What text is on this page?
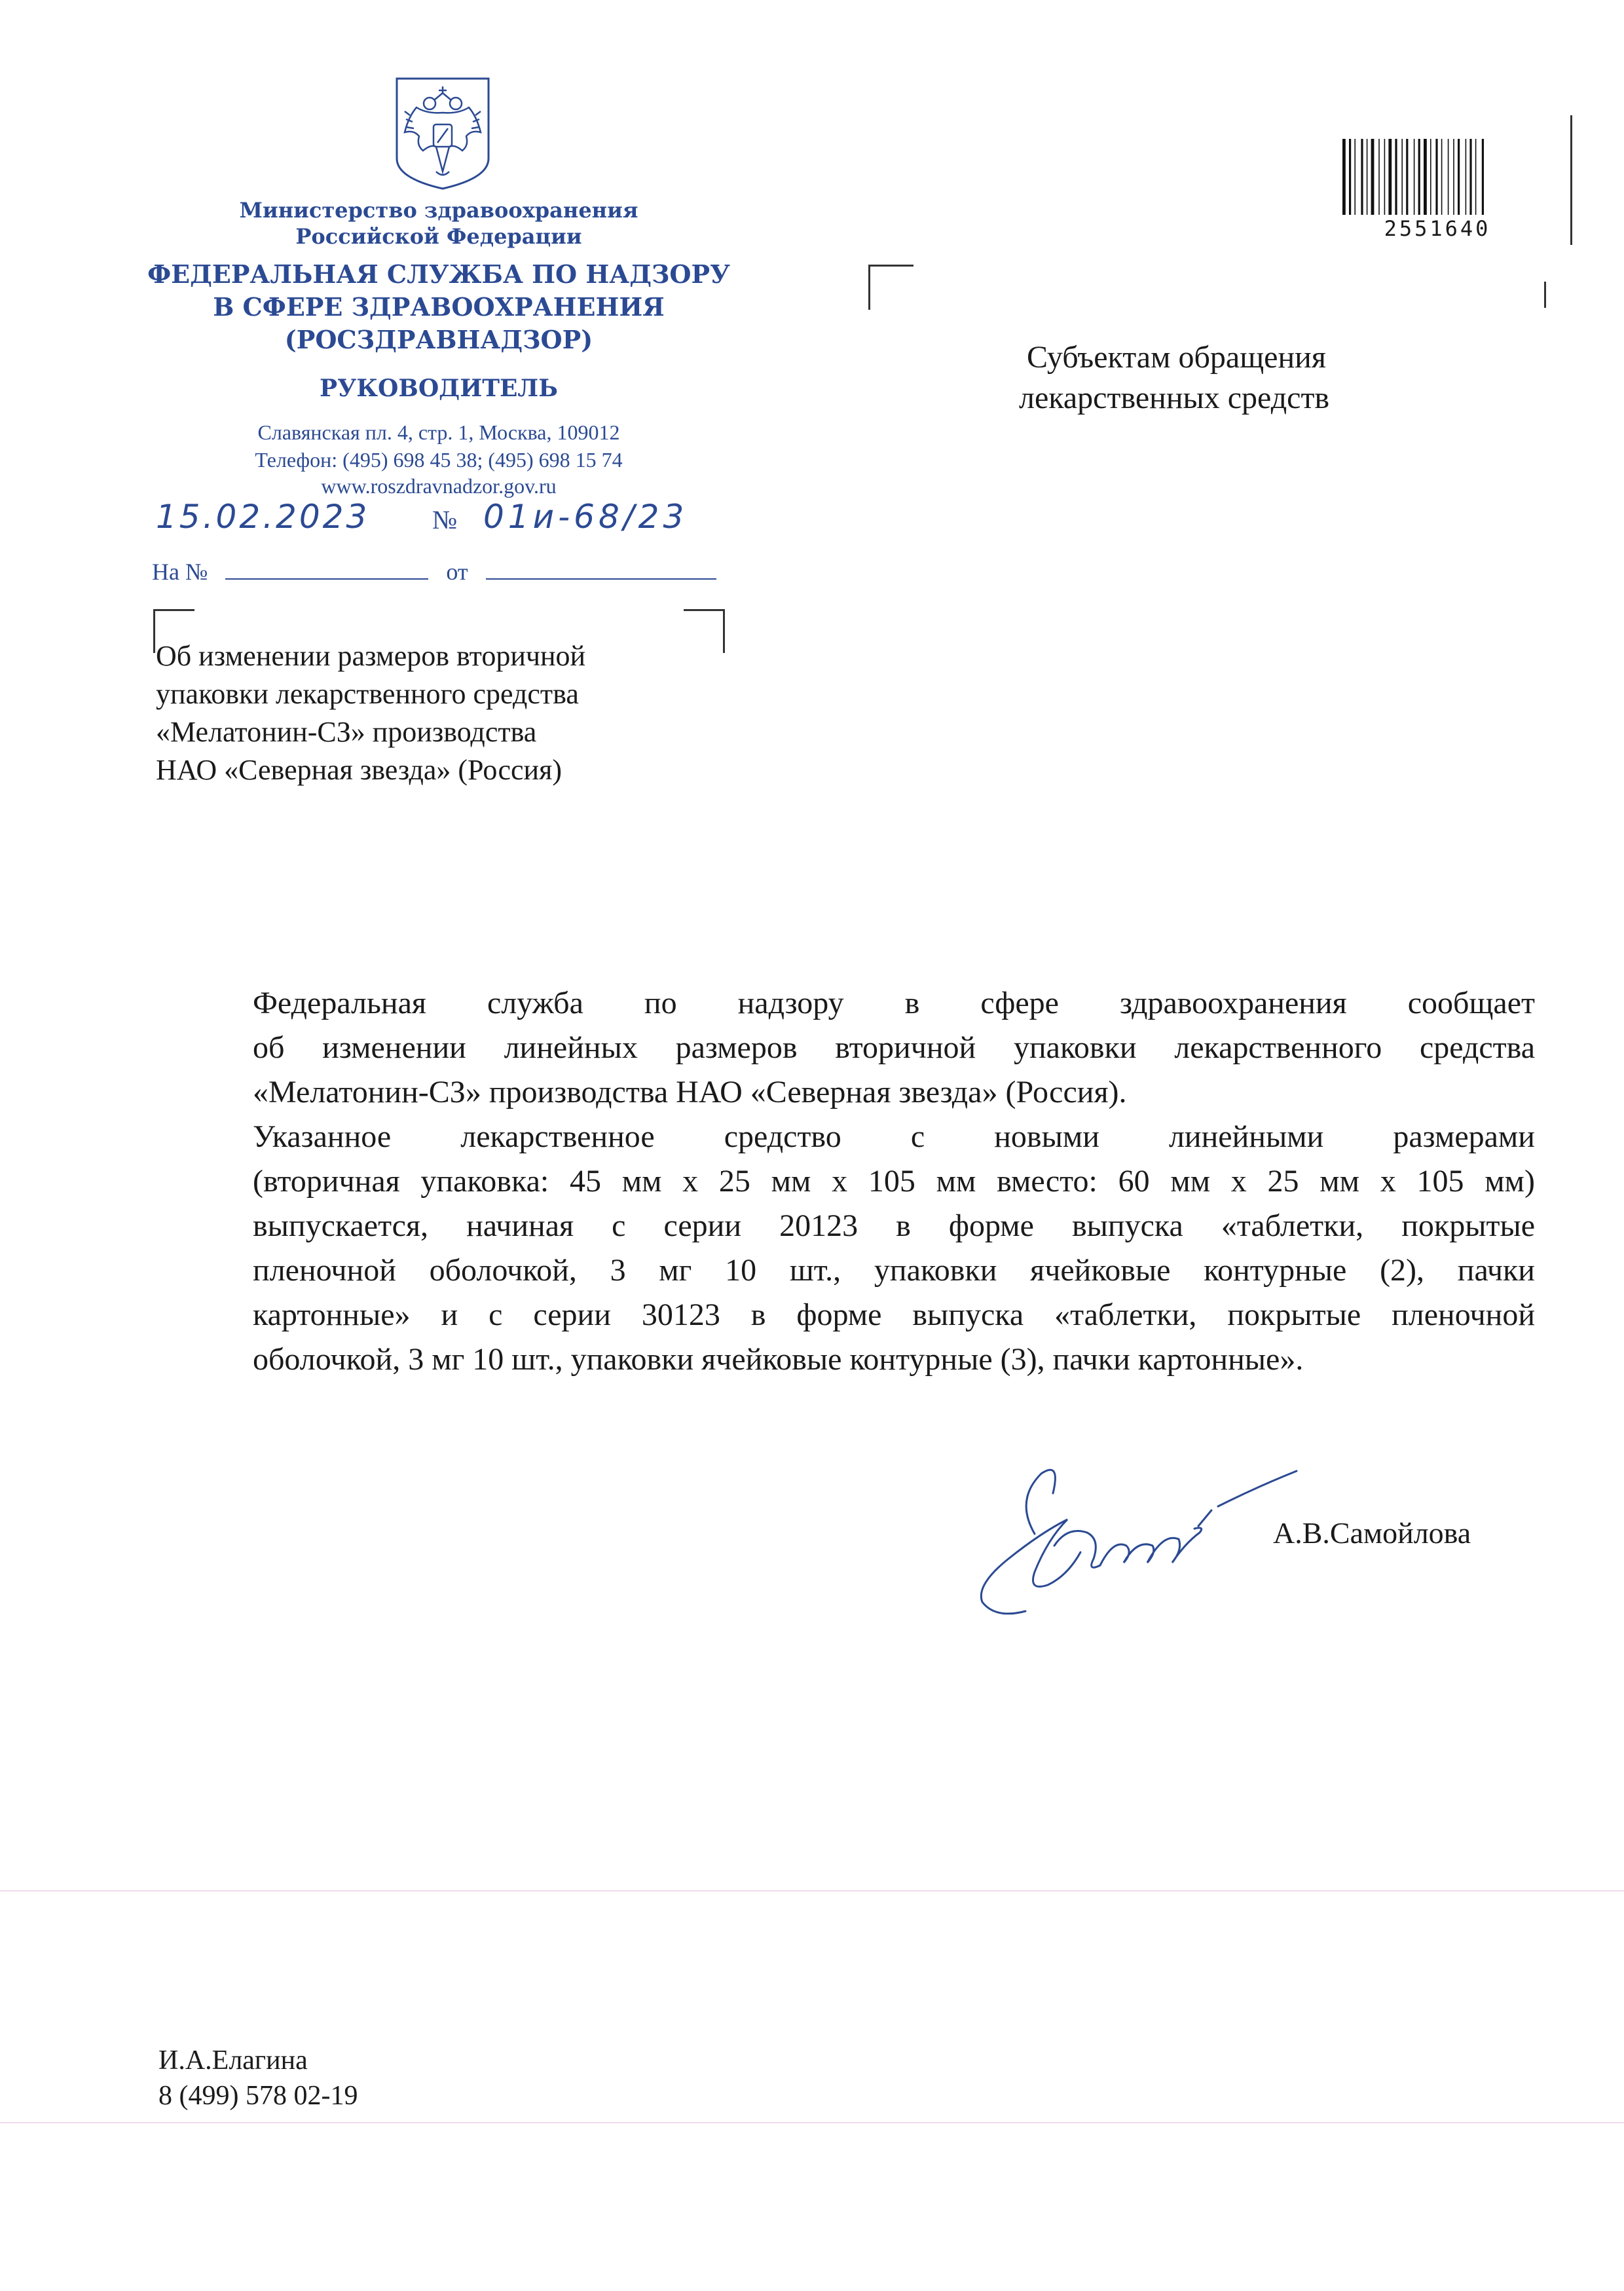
Министерство здравоохранения
Российской Федерации
ФЕДЕРАЛЬНАЯ СЛУЖБА ПО НАДЗОРУ
В СФЕРЕ ЗДРАВООХРАНЕНИЯ
(РОСЗДРАВНАДЗОР)
РУКОВОДИТЕЛЬ
Славянская пл. 4, стр. 1, Москва, 109012
Телефон: (495) 698 45 38; (495) 698 15 74
www.roszdravnadzor.gov.ru
15.02.2023 № 01и-68/23
На №	от
Об изменении размеров вторичной
упаковки лекарственного средства
«Мелатонин-СЗ» производства
НАО «Северная звезда» (Россия)
Субъектам обращения
лекарственных средств
2551640

Федеральная служба по надзору в сфере здравоохранения сообщает
об изменении линейных размеров вторичной упаковки лекарственного средства
«Мелатонин-СЗ» производства НАО «Северная звезда» (Россия).

Указанное лекарственное средство с новыми линейными размерами
(вторичная упаковка: 45 мм х 25 мм х 105 мм вместо: 60 мм х 25 мм х 105 мм)
выпускается, начиная с серии 20123 в форме выпуска «таблетки, покрытые
пленочной оболочкой, 3 мг 10 шт., упаковки ячейковые контурные (2), пачки
картонные» и с серии 30123 в форме выпуска «таблетки, покрытые пленочной
оболочкой, 3 мг 10 шт., упаковки ячейковые контурные (3), пачки картонные».

А.В.Самойлова
И.А.Елагина
8 (499) 578 02-19
